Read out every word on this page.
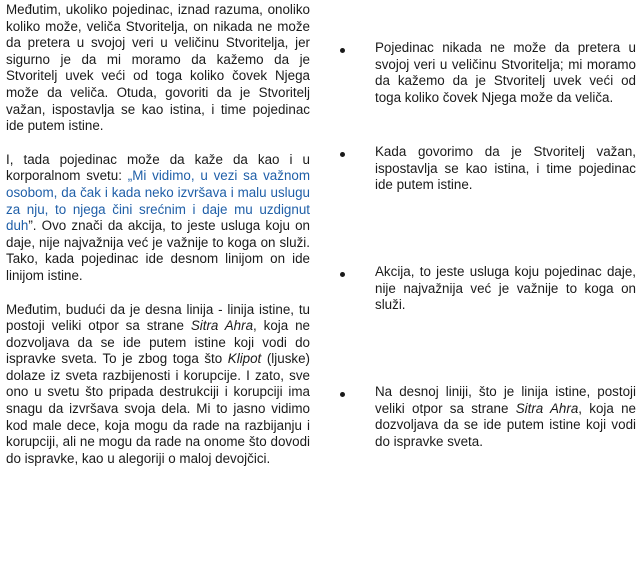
Međutim, ukoliko pojedinac, iznad razuma, onoliko koliko može, veliča Stvoritelja, on nikada ne može da pretera u svojoj veri u veličinu Stvoritelja, jer sigurno je da mi moramo da kažemo da je Stvoritelj uvek veći od toga koliko čovek Njega može da veliča. Otuda, govoriti da je Stvoritelj važan, ispostavlja se kao istina, i time pojedinac ide putem istine.

I, tada pojedinac može da kaže da kao i u korporalnom svetu: „Mi vidimo, u vezi sa važnom osobom, da čak i kada neko izvršava i malu uslugu za nju, to njega čini srećnim i daje mu uzdignut duh”. Ovo znači da akcija, to jeste usluga koju on daje, nije najvažnija već je važnije to koga on služi. Tako, kada pojedinac ide desnom linijom on ide linijom istine.

Međutim, budući da je desna linija - linija istine, tu postoji veliki otpor sa strane Sitra Ahra, koja ne dozvoljava da se ide putem istine koji vodi do ispravke sveta. To je zbog toga što Klipot (ljuske) dolaze iz sveta razbijenosti i korupcije. I zato, sve ono u svetu što pripada destrukciji i korupciji ima snagu da izvršava svoja dela. Mi to jasno vidimo kod male dece, koja mogu da rade na razbijanju i korupciji, ali ne mogu da rade na onome što dovodi do ispravke, kao u alegoriji o maloj devojčici.

Pojedinac nikada ne može da pretera u svojoj veri u veličinu Stvoritelja; mi moramo da kažemo da je Stvoritelj uvek veći od toga koliko čovek Njega može da veliča.
Kada govorimo da je Stvoritelj važan, ispostavlja se kao istina, i time pojedinac ide putem istine.
Akcija, to jeste usluga koju pojedinac daje, nije najvažnija već je važnije to koga on služi.
Na desnoj liniji, što je linija istine, postoji veliki otpor sa strane Sitra Ahra, koja ne dozvoljava da se ide putem istine koji vodi do ispravke sveta.
